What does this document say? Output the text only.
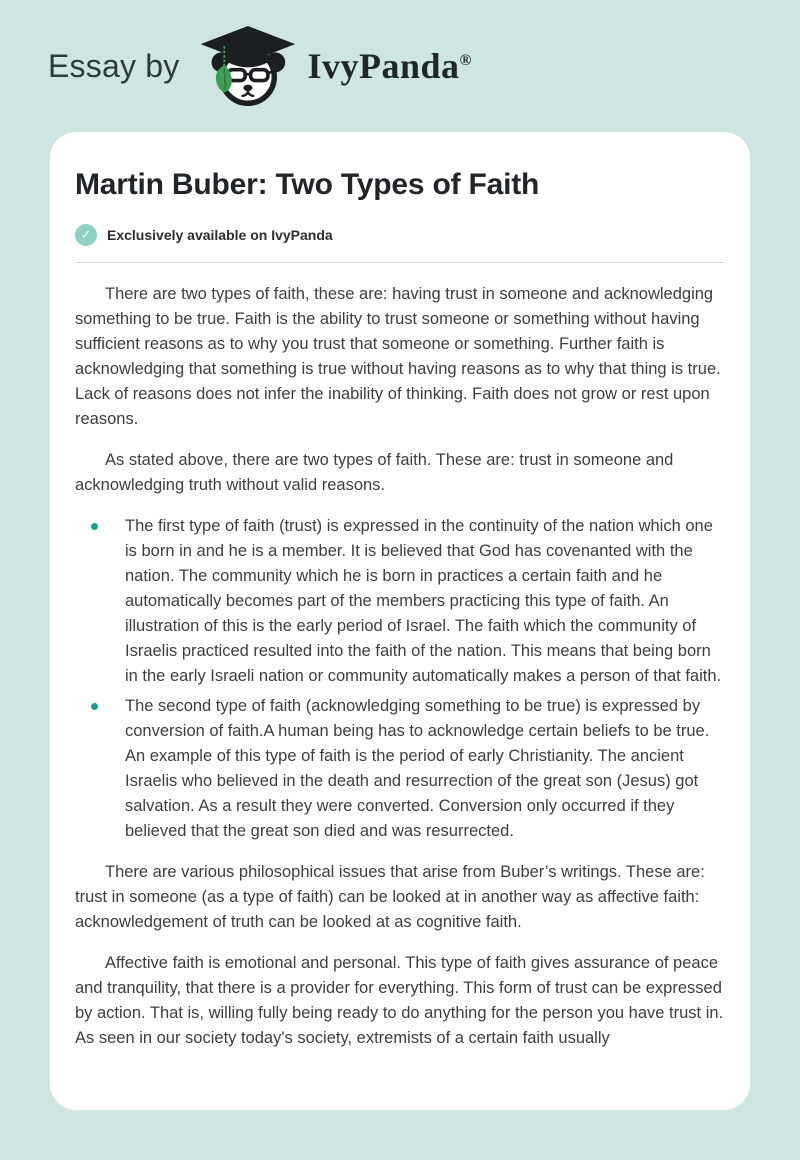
Essay by	IvyPanda®
Martin Buber: Two Types of Faith
✓	Exclusively available on IvyPanda

There are two types of faith, these are: having trust in someone and acknowledging something to be true. Faith is the ability to trust someone or something without having sufficient reasons as to why you trust that someone or something. Further faith is acknowledging that something is true without having reasons as to why that thing is true. Lack of reasons does not infer the inability of thinking. Faith does not grow or rest upon reasons.

As stated above, there are two types of faith. These are: trust in someone and acknowledging truth without valid reasons.

The first type of faith (trust) is expressed in the continuity of the nation which one is born in and he is a member. It is believed that God has covenanted with the nation. The community which he is born in practices a certain faith and he automatically becomes part of the members practicing this type of faith. An illustration of this is the early period of Israel. The faith which the community of Israelis practiced resulted into the faith of the nation. This means that being born in the early Israeli nation or community automatically makes a person of that faith.
The second type of faith (acknowledging something to be true) is expressed by conversion of faith.A human being has to acknowledge certain beliefs to be true. An example of this type of faith is the period of early Christianity. The ancient Israelis who believed in the death and resurrection of the great son (Jesus) got salvation. As a result they were converted. Conversion only occurred if they believed that the great son died and was resurrected.

There are various philosophical issues that arise from Buber’s writings. These are: trust in someone (as a type of faith) can be looked at in another way as affective faith: acknowledgement of truth can be looked at as cognitive faith.

Affective faith is emotional and personal. This type of faith gives assurance of peace and tranquility, that there is a provider for everything. This form of trust can be expressed by action. That is, willing fully being ready to do anything for the person you have trust in. As seen in our society today's society, extremists of a certain faith usually
